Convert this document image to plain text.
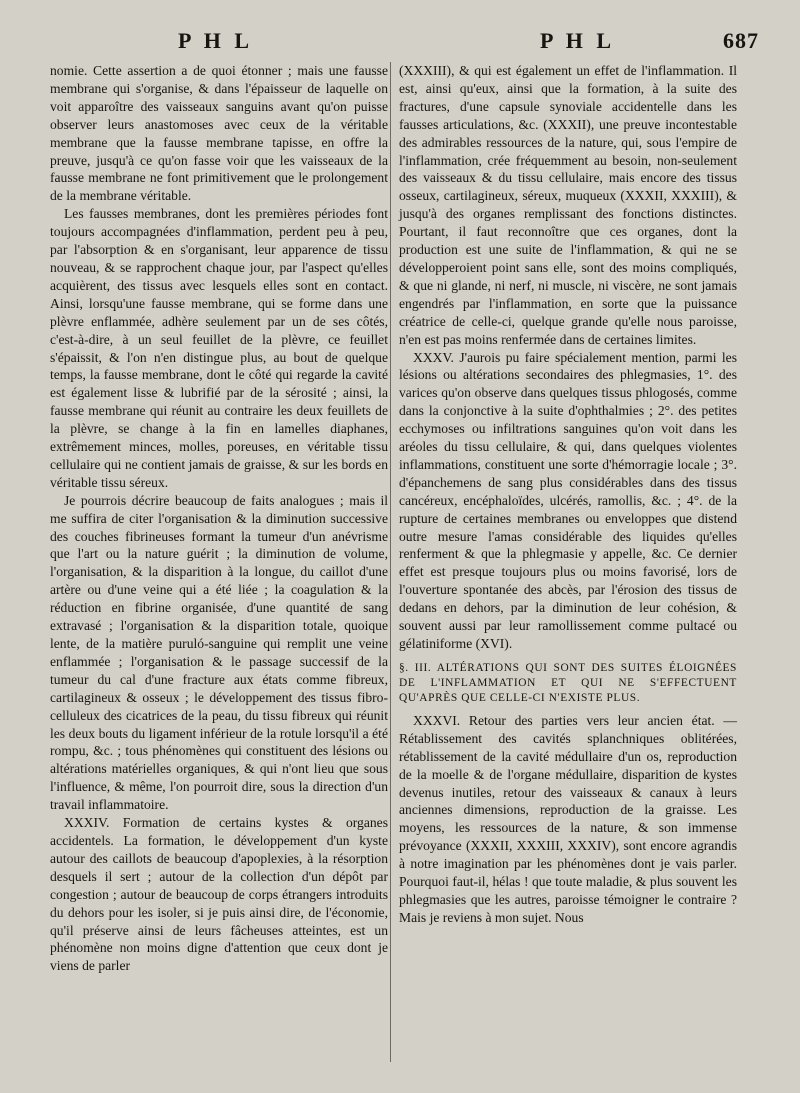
P H L	P H L	687

nomie. Cette assertion a de quoi étonner ; mais une fausse membrane qui s'organise, & dans l'épaisseur de laquelle on voit apparoître des vaisseaux sanguins avant qu'on puisse observer leurs anastomoses avec ceux de la véritable membrane que la fausse membrane tapisse, en offre la preuve, jusqu'à ce qu'on fasse voir que les vaisseaux de la fausse membrane ne font primitivement que le prolongement de la membrane véritable.

Les fausses membranes, dont les premières périodes font toujours accompagnées d'inflammation, perdent peu à peu, par l'absorption & en s'organisant, leur apparence de tissu nouveau, & se rapprochent chaque jour, par l'aspect qu'elles acquièrent, des tissus avec lesquels elles sont en contact. Ainsi, lorsqu'une fausse membrane, qui se forme dans une plèvre enflammée, adhère seulement par un de ses côtés, c'est-à-dire, à un seul feuillet de la plèvre, ce feuillet s'épaissit, & l'on n'en distingue plus, au bout de quelque temps, la fausse membrane, dont le côté qui regarde la cavité est également lisse & lubrifié par de la sérosité ; ainsi, la fausse membrane qui réunit au contraire les deux feuillets de la plèvre, se change à la fin en lamelles diaphanes, extrêmement minces, molles, poreuses, en véritable tissu cellulaire qui ne contient jamais de graisse, & sur les bords en véritable tissu séreux.

Je pourrois décrire beaucoup de faits analogues ; mais il me suffira de citer l'organisation & la diminution successive des couches fibrineuses formant la tumeur d'un anévrisme que l'art ou la nature guérit ; la diminution de volume, l'organisation, & la disparition à la longue, du caillot d'une artère ou d'une veine qui a été liée ; la coagulation & la réduction en fibrine organisée, d'une quantité de sang extravasé ; l'organisation & la disparition totale, quoique lente, de la matière puruló-sanguine qui remplit une veine enflammée ; l'organisation & le passage successif de la tumeur du cal d'une fracture aux états comme fibreux, cartilagineux & osseux ; le développement des tissus fibro-celluleux des cicatrices de la peau, du tissu fibreux qui réunit les deux bouts du ligament inférieur de la rotule lorsqu'il a été rompu, &c. ; tous phénomènes qui constituent des lésions ou altérations matérielles organiques, & qui n'ont lieu que sous l'influence, & même, l'on pourroit dire, sous la direction d'un travail inflammatoire.

XXXIV. Formation de certains kystes & organes accidentels. La formation, le développement d'un kyste autour des caillots de beaucoup d'apoplexies, à la résorption desquels il sert ; autour de la collection d'un dépôt par congestion ; autour de beaucoup de corps étrangers introduits du dehors pour les isoler, si je puis ainsi dire, de l'économie, qu'il préserve ainsi de leurs fâcheuses atteintes, est un phénomène non moins digne d'attention que ceux dont je viens de parler

(XXXIII), & qui est également un effet de l'inflammation. Il est, ainsi qu'eux, ainsi que la formation, à la suite des fractures, d'une capsule synoviale accidentelle dans les fausses articulations, &c. (XXXII), une preuve incontestable des admirables ressources de la nature, qui, sous l'empire de l'inflammation, crée fréquemment au besoin, non-seulement des vaisseaux & du tissu cellulaire, mais encore des tissus osseux, cartilagineux, séreux, muqueux (XXXII, XXXIII), & jusqu'à des organes remplissant des fonctions distinctes. Pourtant, il faut reconnoître que ces organes, dont la production est une suite de l'inflammation, & qui ne se développeroient point sans elle, sont des moins compliqués, & que ni glande, ni nerf, ni muscle, ni viscère, ne sont jamais engendrés par l'inflammation, en sorte que la puissance créatrice de celle-ci, quelque grande qu'elle nous paroisse, n'en est pas moins renfermée dans de certaines limites.

XXXV. J'aurois pu faire spécialement mention, parmi les lésions ou altérations secondaires des phlegmasies, 1°. des varices qu'on observe dans quelques tissus phlogosés, comme dans la conjonctive à la suite d'ophthalmies ; 2°. des petites ecchymoses ou infiltrations sanguines qu'on voit dans les aréoles du tissu cellulaire, & qui, dans quelques violentes inflammations, constituent une sorte d'hémorragie locale ; 3°. d'épanchemens de sang plus considérables dans des tissus cancéreux, encéphaloïdes, ulcérés, ramollis, &c. ; 4°. de la rupture de certaines membranes ou enveloppes que distend outre mesure l'amas considérable des liquides qu'elles renferment & que la phlegmasie y appelle, &c. Ce dernier effet est presque toujours plus ou moins favorisé, lors de l'ouverture spontanée des abcès, par l'érosion des tissus de dedans en dehors, par la diminution de leur cohésion, & souvent aussi par leur ramollissement comme pultacé ou gélatiniforme (XVI).

§. III. ALTÉRATIONS QUI SONT DES SUITES ÉLOIGNÉES DE L'INFLAMMATION ET QUI NE S'EFFECTUENT QU'APRÈS QUE CELLE-CI N'EXISTE PLUS.

XXXVI. Retour des parties vers leur ancien état. — Rétablissement des cavités splanchniques oblitérées, rétablissement de la cavité médullaire d'un os, reproduction de la moelle & de l'organe médullaire, disparition de kystes devenus inutiles, retour des vaisseaux & canaux à leurs anciennes dimensions, reproduction de la graisse. Les moyens, les ressources de la nature, & son immense prévoyance (XXXII, XXXIII, XXXIV), sont encore agrandis à notre imagination par les phénomènes dont je vais parler. Pourquoi faut-il, hélas ! que toute maladie, & plus souvent les phlegmasies que les autres, paroisse témoigner le contraire ? Mais je reviens à mon sujet. Nous
